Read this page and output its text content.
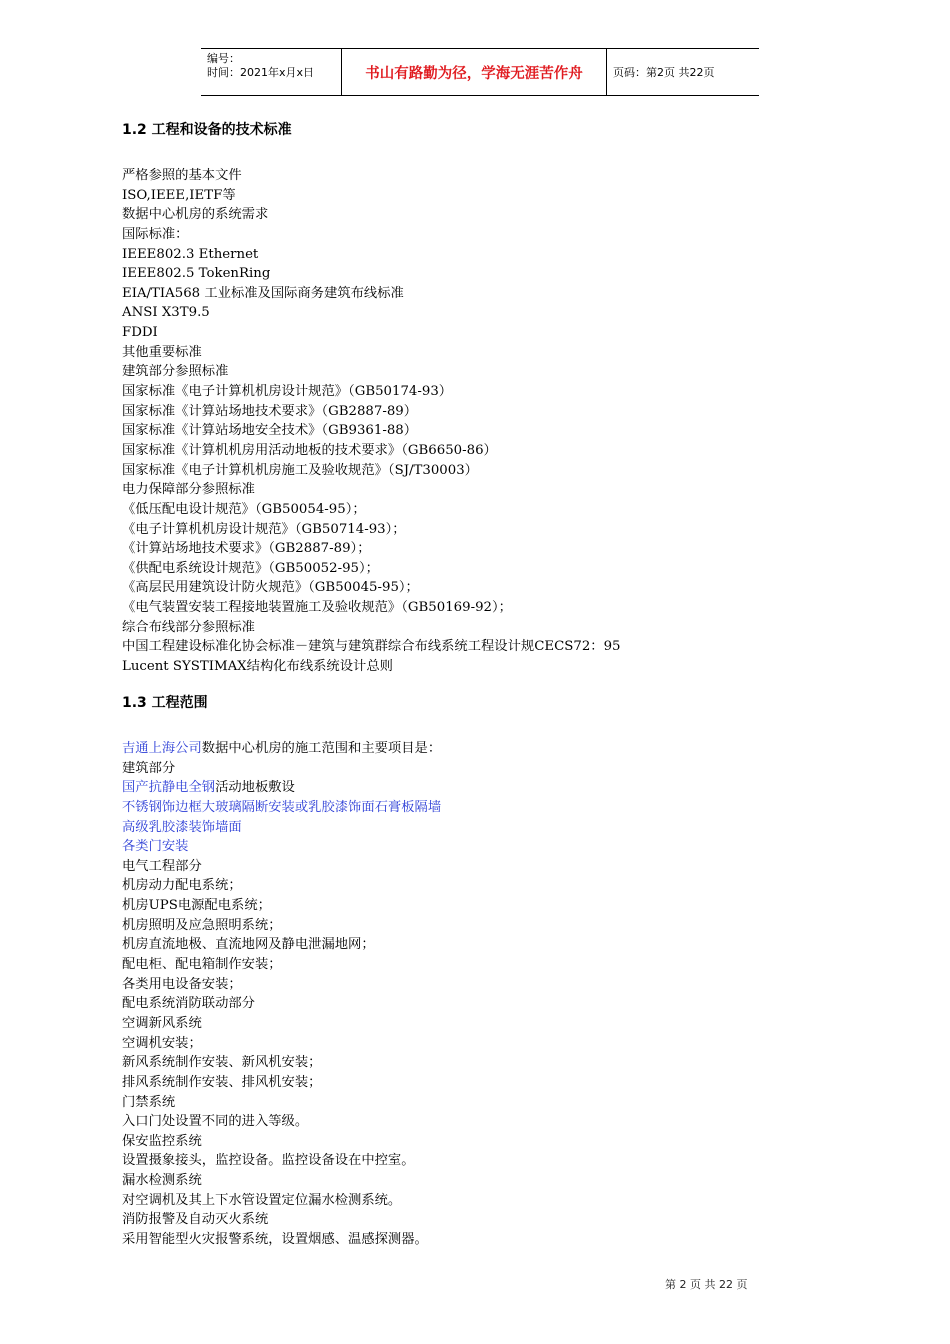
编号：
时间：2021年x月x日	书山有路勤为径，学海无涯苦作舟	页码：第2页 共22页
1.2 工程和设备的技术标准
严格参照的基本文件
ISO,IEEE,IETF等
数据中心机房的系统需求
国际标准：
IEEE802.3 Ethernet
IEEE802.5 TokenRing
EIA/TIA568 工业标准及国际商务建筑布线标准
ANSI X3T9.5
FDDI
其他重要标准
建筑部分参照标准
国家标准《电子计算机机房设计规范》（GB50174-93）
国家标准《计算站场地技术要求》（GB2887-89）
国家标准《计算站场地安全技术》（GB9361-88）
国家标准《计算机机房用活动地板的技术要求》（GB6650-86）
国家标准《电子计算机机房施工及验收规范》（SJ/T30003）
电力保障部分参照标准
《低压配电设计规范》（GB50054-95）；
《电子计算机机房设计规范》（GB50714-93）；
《计算站场地技术要求》（GB2887-89）；
《供配电系统设计规范》（GB50052-95）；
《高层民用建筑设计防火规范》（GB50045-95）；
《电气装置安装工程接地装置施工及验收规范》（GB50169-92）；
综合布线部分参照标准
中国工程建设标准化协会标准－建筑与建筑群综合布线系统工程设计规CECS72：95
Lucent SYSTIMAX结构化布线系统设计总则
1.3 工程范围
吉通上海公司数据中心机房的施工范围和主要项目是：
建筑部分
国产抗静电全钢活动地板敷设
不锈钢饰边框大玻璃隔断安装或乳胶漆饰面石膏板隔墙
高级乳胶漆装饰墙面
各类门安装
电气工程部分
机房动力配电系统；
机房UPS电源配电系统；
机房照明及应急照明系统；
机房直流地极、直流地网及静电泄漏地网；
配电柜、配电箱制作安装；
各类用电设备安装；
配电系统消防联动部分
空调新风系统
空调机安装；
新风系统制作安装、新风机安装；
排风系统制作安装、排风机安装；
门禁系统
入口门处设置不同的进入等级。
保安监控系统
设置摄象接头，监控设备。监控设备设在中控室。
漏水检测系统
对空调机及其上下水管设置定位漏水检测系统。
消防报警及自动灭火系统
采用智能型火灾报警系统，设置烟感、温感探测器。
第 2 页 共 22 页
